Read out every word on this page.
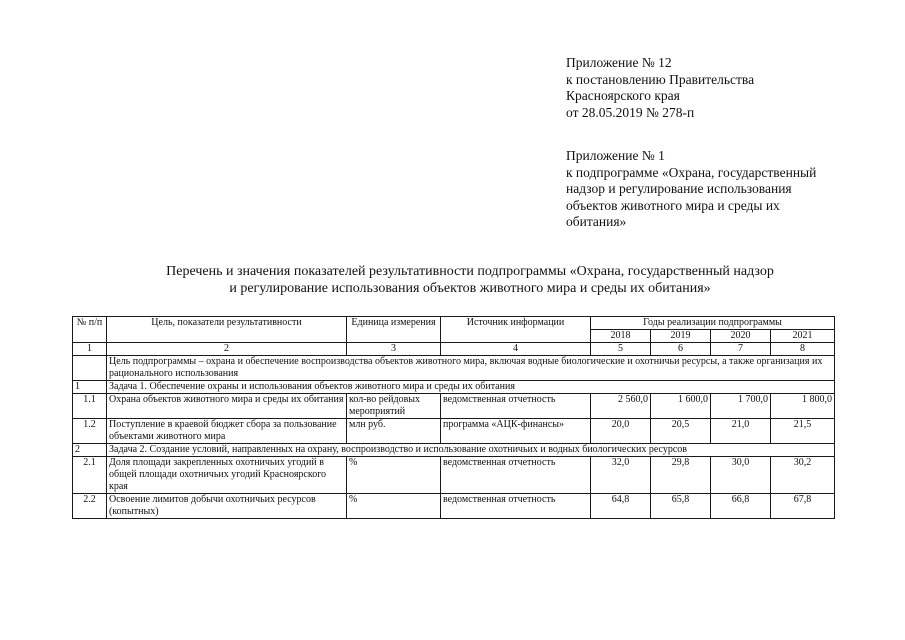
Приложение № 12
к постановлению Правительства
Красноярского края
от 28.05.2019 № 278-п
Приложение № 1
к подпрограмме «Охрана, государственный
надзор и регулирование использования
объектов животного мира и среды их
обитания»
Перечень и значения показателей результативности подпрограммы «Охрана, государственный надзор
и регулирование использования объектов животного мира и среды их обитания»
№ п/п	Цель, показатели результативности	Единица измерения	Источник информации	Годы реализации подпрограммы			
				2018	2019	2020	2021
1	2	3	4	5	6	7	8
	Цель подпрограммы – охрана и обеспечение воспроизводства объектов животного мира, включая водные биологические и охотничьи ресурсы, а также организация их рационального использования						
1	Задача 1. Обеспечение охраны и использования объектов животного мира и среды их обитания						
1.1	Охрана объектов животного мира и среды их обитания	кол-во рейдовых мероприятий	ведомственная отчетность	2 560,0	1 600,0	1 700,0	1 800,0
1.2	Поступление в краевой бюджет сбора за пользование объектами животного мира	млн руб.	программа «АЦК-финансы»	20,0	20,5	21,0	21,5
2	Задача 2. Создание условий, направленных на охрану, воспроизводство и использование охотничьих и водных биологических ресурсов						
2.1	Доля площади закрепленных охотничьих угодий в общей площади охотничьих угодий Красноярского края	%	ведомственная отчетность	32,0	29,8	30,0	30,2
2.2	Освоение лимитов добычи охотничьих ресурсов (копытных)	%	ведомственная отчетность	64,8	65,8	66,8	67,8
